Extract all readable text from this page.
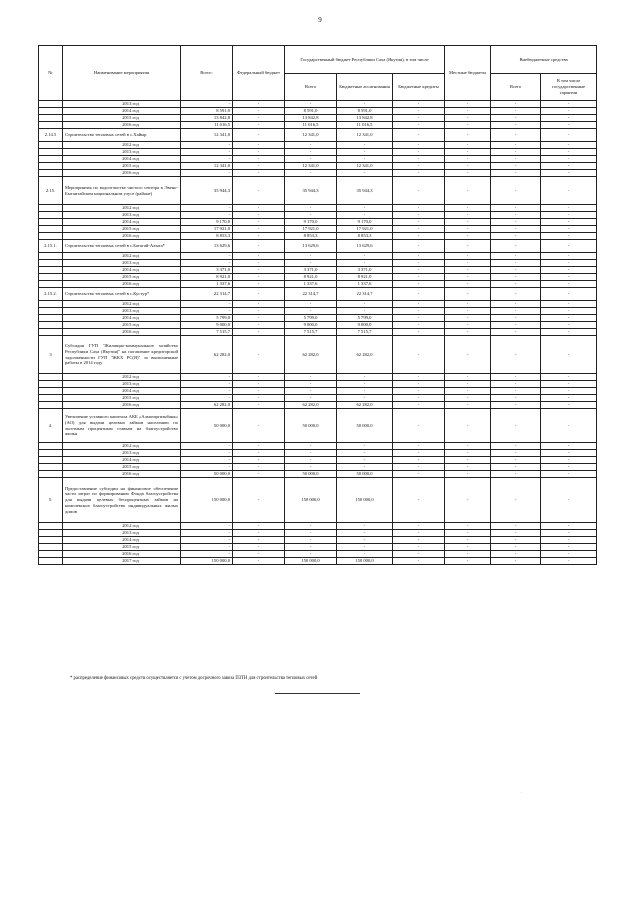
9
№	Наименование мероприятия	Всего:	Федеральный бюджет	Государственный бюджет Республики Саха (Якутия), в том числе			Местные бюджеты	Внебюджетные средства	
				Всего	Бюджетные ассигнования	Бюджетные кредиты		Всего	В том числе государственные гарантии
	2013 год	-	-	-	-	-	-	-	-
	2014 год	8 591,0	-	8 591,0	8 591,0	-	-	-	-
	2015 год	13 842,8	-	13 842,8	13 842,8	-	-	-	-
	2016 год	11 016,5	-	11 016,5	11 016,5	-	-	-	-
2.14.5	Строительство тепловых сетей в с.Хайыр	12 341,0	-	12 341,0	12 341,0	-	-	-	-
	2012 год	-	-	-	-	-	-	-	-
	2013 год	-	-	-	-	-	-	-	-
	2014 год	-	-	-	-	-	-	-	-
	2015 год	12 341,0	-	12 341,0	12 341,0	-	-	-	-
	2016 год	-	-	-	-	-	-	-	-
2.15.	Мероприятия по водоотчистке чистого сектора в Эвено-Бытантайском национальном улусе (районе)	35 944,3	-	35 944,3	35 944,3	-	-	-	-
	2012 год	-	-	-	-	-	-	-	-
	2013 год	-	-	-	-	-	-	-	-
	2014 год	9 170,0	-	9 170,0	9 170,0	-	-	-	-
	2015 год	17 921,0	-	17 921,0	17 921,0	-	-	-	-
	2016 год	8 853,3	-	8 853,3	8 853,3	-	-	-	-
2.15.1.	Строительство тепловых сетей в с.Батагай-Алыта*	13 629,6	-	13 629,6	13 629,6	-	-	-	-
	2012 год	-	-	-	-	-	-	-	-
	2013 год	-	-	-	-	-	-	-	-
	2014 год	3 371,0	-	3 371,0	3 371,0	-	-	-	-
	2015 год	8 921,0	-	8 921,0	8 921,0	-	-	-	-
	2016 год	1 337,6	-	1 337,6	1 337,6	-	-	-	-
2.15.2.	Строительство тепловых сетей в с.Кустур*	22 314,7	-	22 314,7	22 314,7	-	-	-	-
	2012 год	-	-	-	-	-	-	-	-
	2013 год	-	-	-	-	-	-	-	-
	2014 год	5 799,0	-	5 799,0	5 799,0	-	-	-	-
	2015 год	9 000,0	-	9 000,0	9 000,0	-	-	-	-
	2016 год	7 515,7	-	7 515,7	7 515,7	-	-	-	-
3	Субсидия ГУП "Жилищно-коммунальное хозяйство Республики Саха (Якутия)" на погашение кредиторской задолженности ГУП "ЖКХ РС(Я)" за выполненные работы в 2014 году	62 282,0	-	62 282,0	62 282,0	-	-	-	-
	2012 год	-	-	-	-	-	-	-	-
	2013 год	-	-	-	-	-	-	-	-
	2014 год	-	-	-	-	-	-	-	-
	2015 год	-	-	-	-	-	-	-	-
	2016 год	62 282,0	-	62 282,0	62 282,0	-	-	-	-
4.	Увеличение уставного капитала АКБ «Алмазэргиэнбанк» (АО) для выдачи целевых займов населению по льготным процентным ставкам на благоустройство жилья	50 000,0	-	50 000,0	50 000,0	-	-	-	-
	2012 год	-	-	-	-	-	-	-	-
	2013 год	-	-	-	-	-	-	-	-
	2014 год	-	-	-	-	-	-	-	-
	2015 год	-	-	-	-	-	-	-	-
	2016 год	50 000,0	-	50 000,0	50 000,0	-	-	-	-
5.	Предоставление субсидии на финансовое обеспечение части затрат по формированию Фонда благоустройства для выдачи целевых беспроцентных займов на комплексное благоустройство индивидуальных жилых домов	150 000,0	-	150 000,0	150 000,0	-	-	-	-
	2012 год	-	-	-	-	-	-	-	-
	2013 год	-	-	-	-	-	-	-	-
	2014 год	-	-	-	-	-	-	-	-
	2015 год	-	-	-	-	-	-	-	-
	2016 год	-	-	-	-	-	-	-	-
	2017 год	150 000,0	-	150 000,0	150 000,0	-	-	-	-
* распределение финансовых средств осуществляется с учетом досрочного завоза ПЗТН для строительства тепловых сетей
.
